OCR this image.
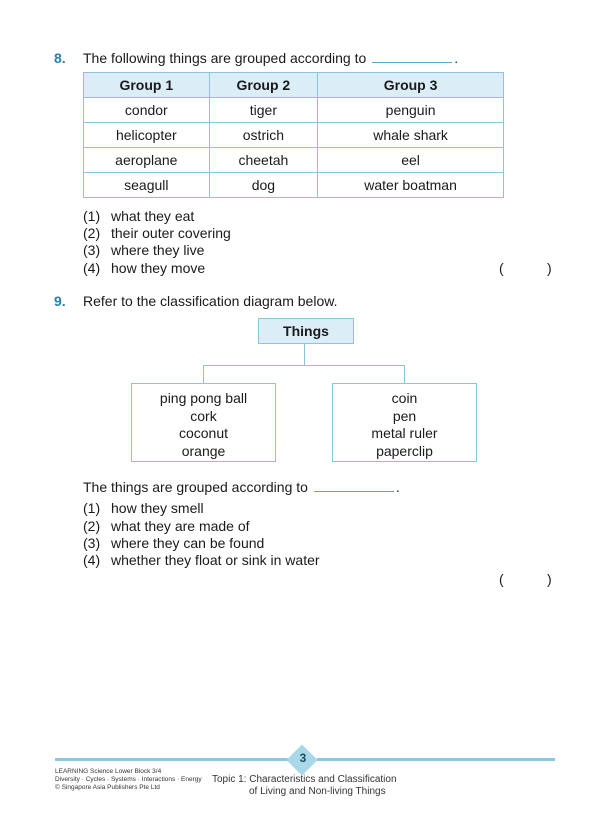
8. The following things are grouped according to	.
Group 1	Group 2	Group 3
condor	tiger	penguin
helicopter	ostrich	whale shark
aeroplane	cheetah	eel
seagull	dog	water boatman
(1) what they eat
(2) their outer covering
(3) where they live
(4) how they move	(	)
9. Refer to the classification diagram below.
Things
ping pong ball
cork
coconut
orange
coin
pen
metal ruler
paperclip
The things are grouped according to	.
(1) how they smell
(2) what they are made of
(3) where they can be found
(4) whether they float or sink in water
(	)
3
LEARNING Science Lower Block 3/4
Diversity · Cycles · Systems · Interactions · Energy
© Singapore Asia Publishers Pte Ltd
Topic 1: Characteristics and Classification
of Living and Non-living Things
